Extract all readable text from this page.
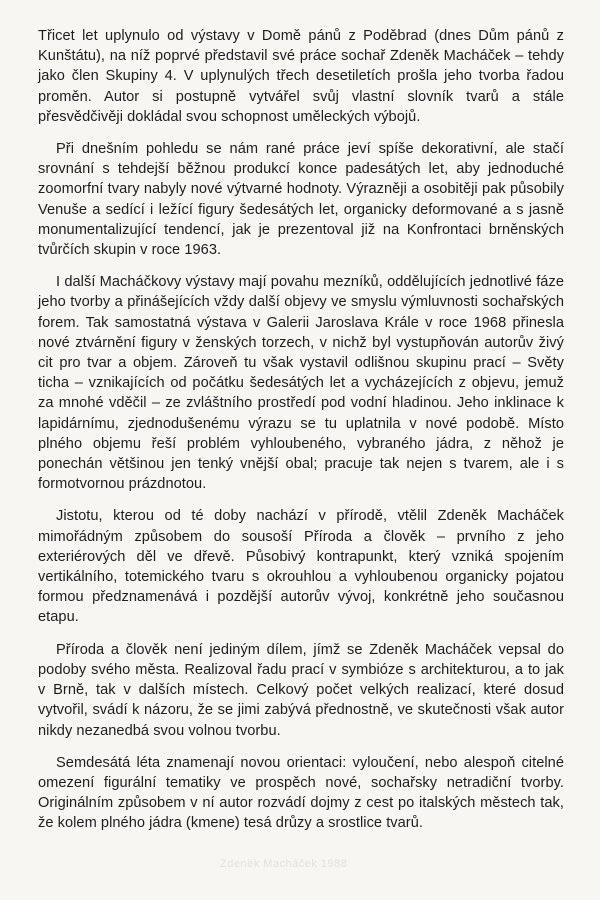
Třicet let uplynulo od výstavy v Domě pánů z Poděbrad (dnes Dům pánů z Kunštátu), na níž poprvé představil své práce sochař Zdeněk Macháček – tehdy jako člen Skupiny 4. V uplynulých třech desetiletích prošla jeho tvorba řadou proměn. Autor si postupně vytvářel svůj vlastní slovník tvarů a stále přesvědčivěji dokládal svou schopnost uměleckých výbojů.

Při dnešním pohledu se nám rané práce jeví spíše dekorativní, ale stačí srovnání s tehdejší běžnou produkcí konce padesátých let, aby jednoduché zoomorfní tvary nabyly nové výtvarné hodnoty. Výrazněji a osobitěji pak působily Venuše a sedící i ležící figury šedesátých let, organicky deformované a s jasně monumentalizující tendencí, jak je prezentoval již na Konfrontaci brněnských tvůrčích skupin v roce 1963.

I další Macháčkovy výstavy mají povahu mezníků, oddělujících jednotlivé fáze jeho tvorby a přinášejících vždy další objevy ve smyslu výmluvnosti sochařských forem. Tak samostatná výstava v Galerii Jaroslava Krále v roce 1968 přinesla nové ztvárnění figury v ženských torzech, v nichž byl vystupňován autorův živý cit pro tvar a objem. Zároveň tu však vystavil odlišnou skupinu prací – Světy ticha – vznikajících od počátku šedesátých let a vycházejících z objevu, jemuž za mnohé vděčil – ze zvláštního prostředí pod vodní hladinou. Jeho inklinace k lapidárnímu, zjednodušenému výrazu se tu uplatnila v nové podobě. Místo plného objemu řeší problém vyhloubeného, vybraného jádra, z něhož je ponechán většinou jen tenký vnější obal; pracuje tak nejen s tvarem, ale i s formotvornou prázdnotou.

Jistotu, kterou od té doby nachází v přírodě, vtělil Zdeněk Macháček mimořádným způsobem do sousoší Příroda a člověk – prvního z jeho exteriérových děl ve dřevě. Působivý kontrapunkt, který vzniká spojením vertikálního, totemického tvaru s okrouhlou a vyhloubenou organicky pojatou formou předznamenává i pozdější autorův vývoj, konkrétně jeho současnou etapu.

Příroda a člověk není jediným dílem, jímž se Zdeněk Macháček vepsal do podoby svého města. Realizoval řadu prací v symbióze s architekturou, a to jak v Brně, tak v dalších místech. Celkový počet velkých realizací, které dosud vytvořil, svádí k názoru, že se jimi zabývá přednostně, ve skutečnosti však autor nikdy nezanedbá svou volnou tvorbu.

Semdesátá léta znamenají novou orientaci: vyloučení, nebo alespoň citelné omezení figurální tematiky ve prospěch nové, sochařsky netradiční tvorby. Originálním způsobem v ní autor rozvádí dojmy z cest po italských městech tak, že kolem plného jádra (kmene) tesá drůzy a srostlice tvarů.

Zdeněk Macháček 1988
